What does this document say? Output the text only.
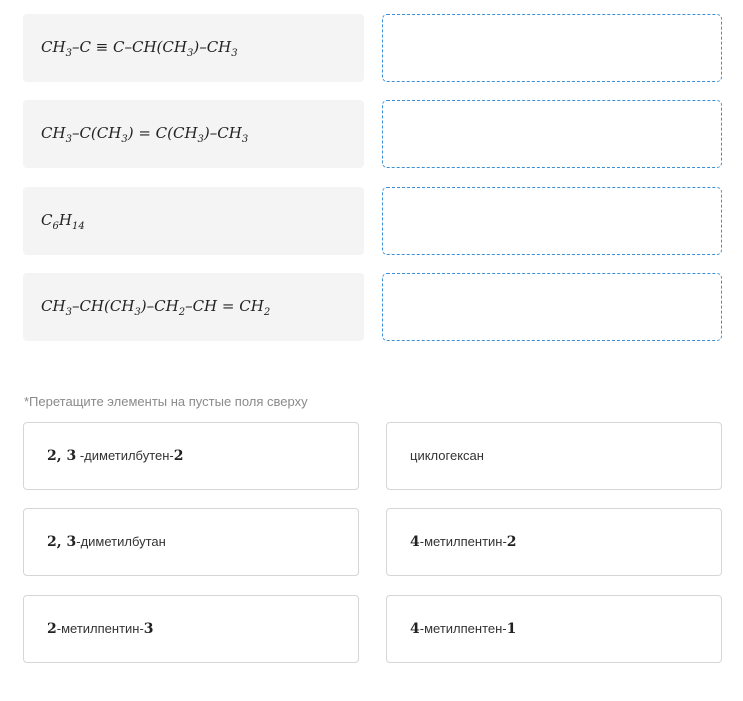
$CH_3-C \equiv C-CH(CH_3)-CH_3$
$CH_3-C(CH_3) = C(CH_3)-CH_3$
$C_6H_{14}$
$CH_3-CH(CH_3)-CH_2-CH = CH_2$
*Перетащите элементы на пустые поля сверху
2, 3 -диметилбутен-2	циклогексан
2, 3-диметилбутан	4-метилпентин-2
2-метилпентин-3	4-метилпентен-1
